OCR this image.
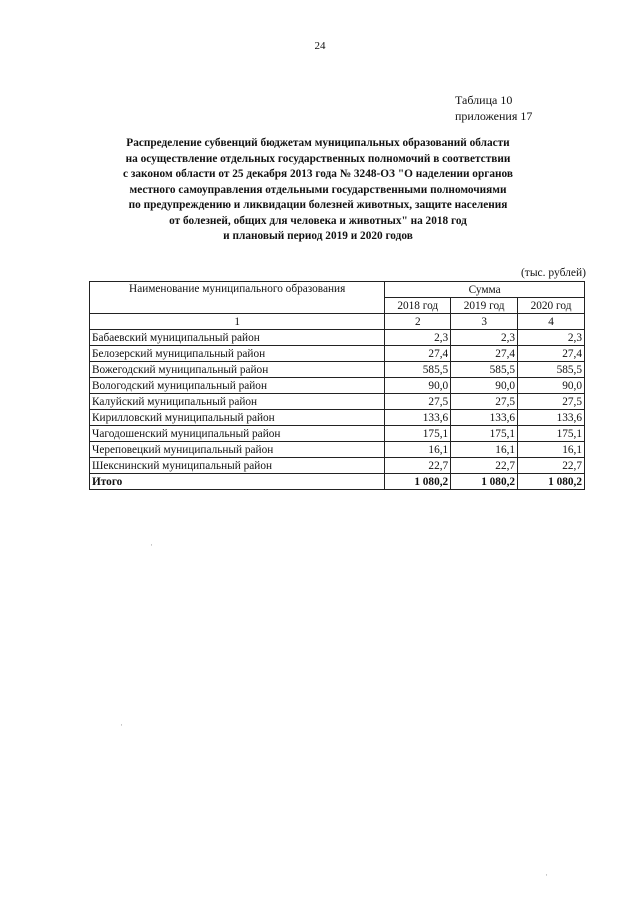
24
Таблица 10
приложения 17
Распределение субвенций бюджетам муниципальных образований области
на осуществление отдельных государственных полномочий в соответствии
с законом области от 25 декабря 2013 года № 3248-ОЗ "О наделении органов
местного самоуправления отдельными государственными полномочиями
по предупреждению и ликвидации болезней животных, защите населения
от болезней, общих для человека и животных" на 2018 год
и плановый период 2019 и 2020 годов
(тыс. рублей)
Наименование муниципального образования	Сумма		
	2018 год	2019 год	2020 год
1	2	3	4
Бабаевский муниципальный район	2,3	2,3	2,3
Белозерский муниципальный район	27,4	27,4	27,4
Вожегодский муниципальный район	585,5	585,5	585,5
Вологодский муниципальный район	90,0	90,0	90,0
Калуйский муниципальный район	27,5	27,5	27,5
Кирилловский муниципальный район	133,6	133,6	133,6
Чагодошенский муниципальный район	175,1	175,1	175,1
Череповецкий муниципальный район	16,1	16,1	16,1
Шекснинский муниципальный район	22,7	22,7	22,7
Итого	1 080,2	1 080,2	1 080,2
·
·
·
